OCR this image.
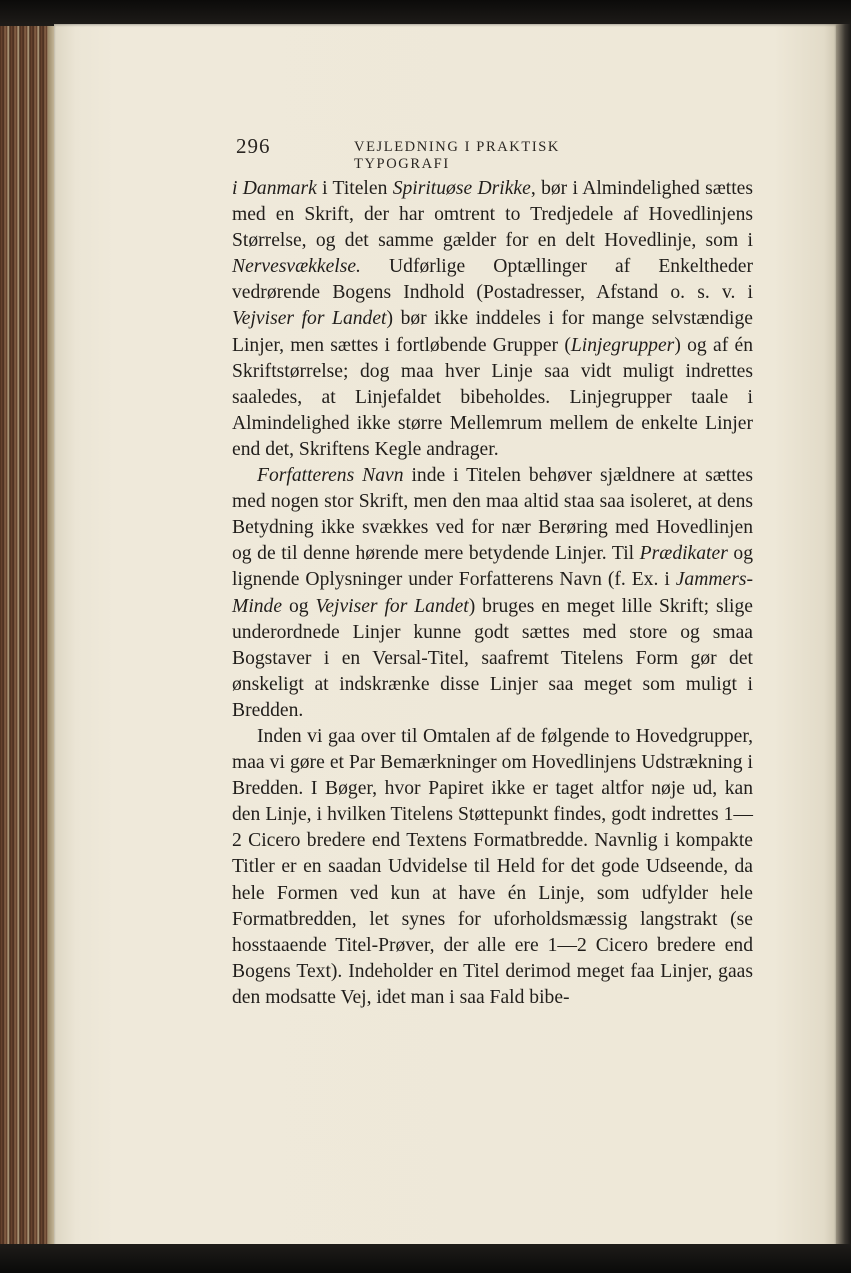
296	VEJLEDNING I PRAKTISK TYPOGRAFI

i Danmark i Titelen Spirituøse Drikke, bør i Almindelighed sættes med en Skrift, der har omtrent to Tredjedele af Hovedlinjens Størrelse, og det samme gælder for en delt Hovedlinje, som i Nervesvækkelse. Udførlige Optællinger af Enkeltheder vedrørende Bogens Indhold (Postadresser, Afstand o. s. v. i Vejviser for Landet) bør ikke inddeles i for mange selvstændige Linjer, men sættes i fortløbende Grupper (Linjegrupper) og af én Skriftstørrelse; dog maa hver Linje saa vidt muligt indrettes saaledes, at Linjefaldet bibeholdes. Linjegrupper taale i Almindelighed ikke større Mellemrum mellem de enkelte Linjer end det, Skriftens Kegle andrager.

Forfatterens Navn inde i Titelen behøver sjældnere at sættes med nogen stor Skrift, men den maa altid staa saa isoleret, at dens Betydning ikke svækkes ved for nær Berøring med Hovedlinjen og de til denne hørende mere betydende Linjer. Til Prædikater og lignende Oplysninger under Forfatterens Navn (f. Ex. i Jammers-Minde og Vejviser for Landet) bruges en meget lille Skrift; slige underordnede Linjer kunne godt sættes med store og smaa Bogstaver i en Versal-Titel, saafremt Titelens Form gør det ønskeligt at indskrænke disse Linjer saa meget som muligt i Bredden.

Inden vi gaa over til Omtalen af de følgende to Hovedgrupper, maa vi gøre et Par Bemærkninger om Hovedlinjens Udstrækning i Bredden. I Bøger, hvor Papiret ikke er taget altfor nøje ud, kan den Linje, i hvilken Titelens Støttepunkt findes, godt indrettes 1—2 Cicero bredere end Textens Formatbredde. Navnlig i kompakte Titler er en saadan Udvidelse til Held for det gode Udseende, da hele Formen ved kun at have én Linje, som udfylder hele Formatbredden, let synes for uforholdsmæssig langstrakt (se hosstaaende Titel-Prøver, der alle ere 1—2 Cicero bredere end Bogens Text). Indeholder en Titel derimod meget faa Linjer, gaas den modsatte Vej, idet man i saa Fald bibe-
